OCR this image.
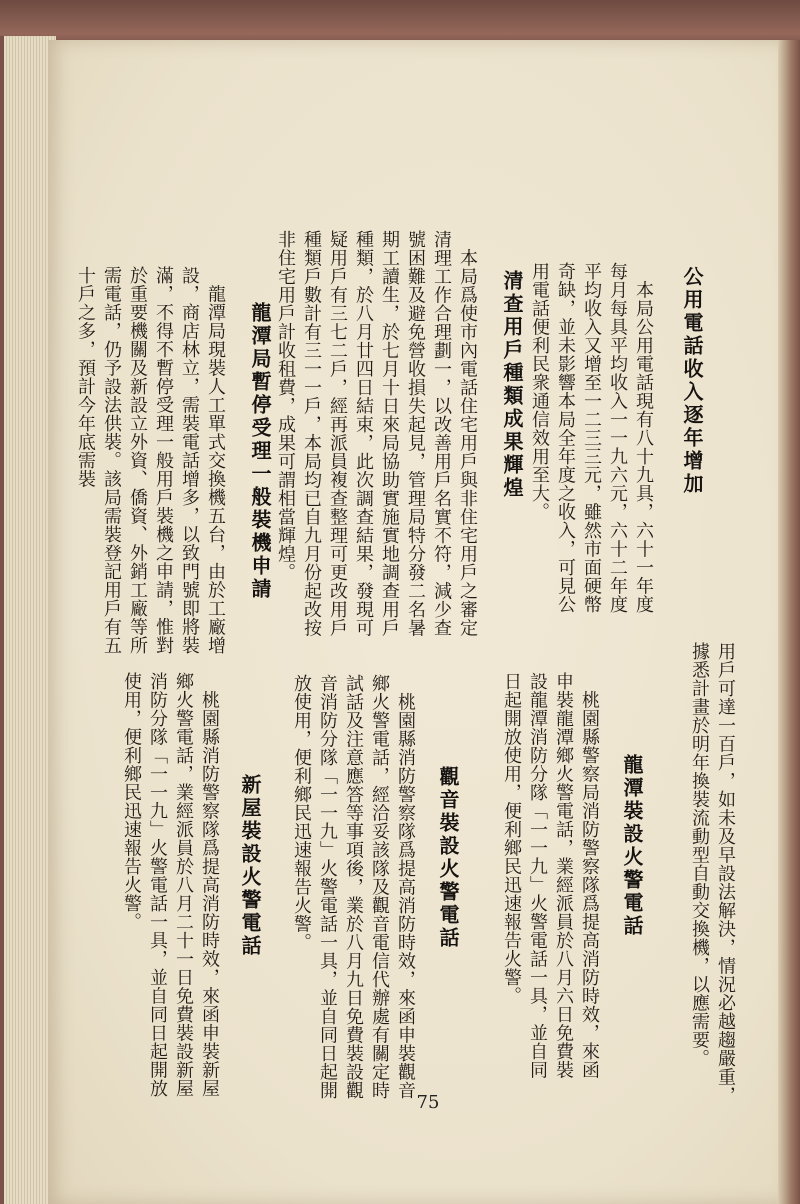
公用電話收入逐年增加
　本局公用電話現有八十九具，六十一年度每月每具平均收入一一九六元，六十二年度平均收入又增至一二三三元，雖然市面硬幣奇缺，並未影響本局全年度之收入，可見公用電話便利民衆通信效用至大。
清查用戶種類成果輝煌
　本局爲使市內電話住宅用戶與非住宅用戶之審定清理工作合理劃一，以改善用戶名實不符，減少查號困難及避免營收損失起見，管理局特分發二名暑期工讀生，於七月十日來局協助實施實地調查用戶種類，於八月廿四日結束，此次調查結果，發現可疑用戶有三七二戶，經再派員複查整理可更改用戶種類戶數計有三一一戶，本局均已自九月份起改按非住宅用戶計收租費，成果可謂相當輝煌。
龍潭局暫停受理一般裝機申請
　龍潭局現裝人工單式交換機五台，由於工廠增設，商店林立，需裝電話增多，以致門號即將裝滿，不得不暫停受理一般用戶裝機之申請，惟對於重要機關及新設立外資、僑資、外銷工廠等所需電話，仍予設法供裝。該局需裝登記用戶有五十戶之多，預計今年底需裝
用戶可達一百戶，如未及早設法解決，情況必越趨嚴重，據悉計畫於明年換裝流動型自動交換機，以應需要。
龍潭裝設火警電話
　桃園縣警察局消防警察隊爲提高消防時效，來函申裝龍潭鄉火警電話，業經派員於八月六日免費裝設龍潭消防分隊「一一九」火警電話一具，並自同日起開放使用，便利鄉民迅速報告火警。
觀音裝設火警電話
　桃園縣消防警察隊爲提高消防時效，來函申裝觀音鄉火警電話，經洽妥該隊及觀音電信代辦處有關定時試話及注意應答等事項後，業於八月九日免費裝設觀音消防分隊「一一九」火警電話一具，並自同日起開放使用，便利鄉民迅速報告火警。
新屋裝設火警電話
　桃園縣消防警察隊爲提高消防時效，來函申裝新屋鄉火警電話，業經派員於八月二十一日免費裝設新屋消防分隊「一一九」火警電話一具，並自同日起開放使用，便利鄉民迅速報告火警。
75
